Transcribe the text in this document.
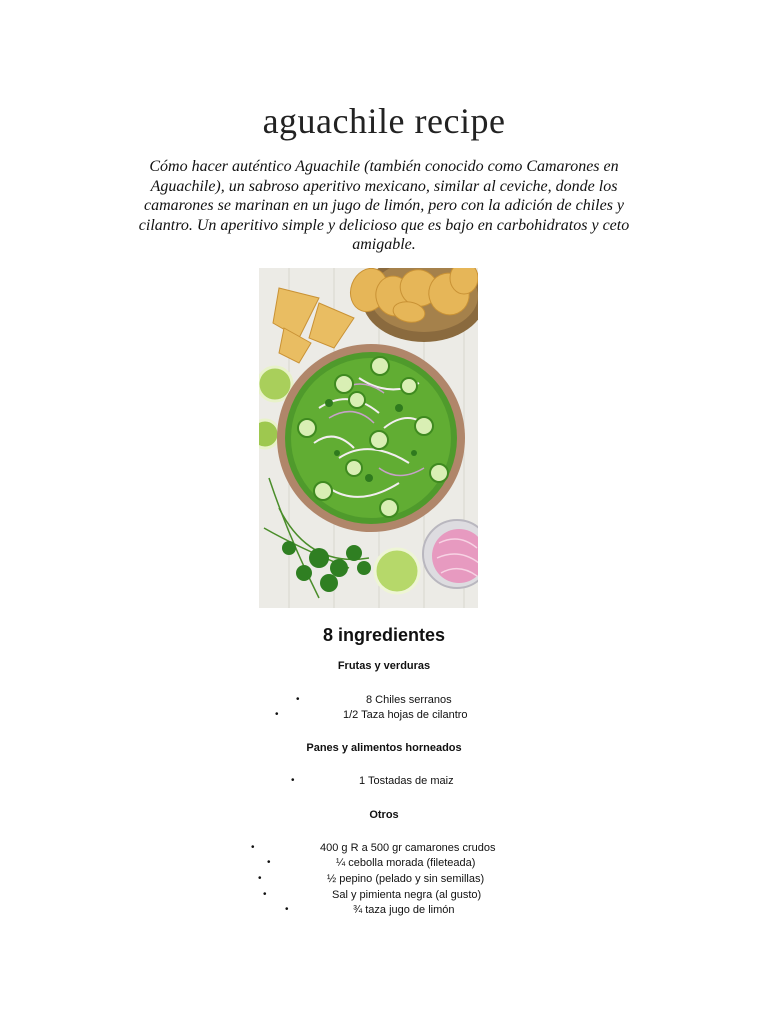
aguachile recipe
Cómo hacer auténtico Aguachile (también conocido como Camarones en Aguachile), un sabroso aperitivo mexicano, similar al ceviche, donde los camarones se marinan en un jugo de limón, pero con la adición de chiles y cilantro. Un aperitivo simple y delicioso que es bajo en carbohidratos y ceto amigable.
8 ingredientes
Frutas y verduras
•	8 Chiles serranos
•	1/2 Taza hojas de cilantro
Panes y alimentos horneados
•	1 Tostadas de maiz
Otros
•	400 g R a 500 gr camarones crudos
•	¼ cebolla morada (fileteada)
•	½ pepino (pelado y sin semillas)
•	Sal y pimienta negra (al gusto)
•	¾ taza jugo de limón
